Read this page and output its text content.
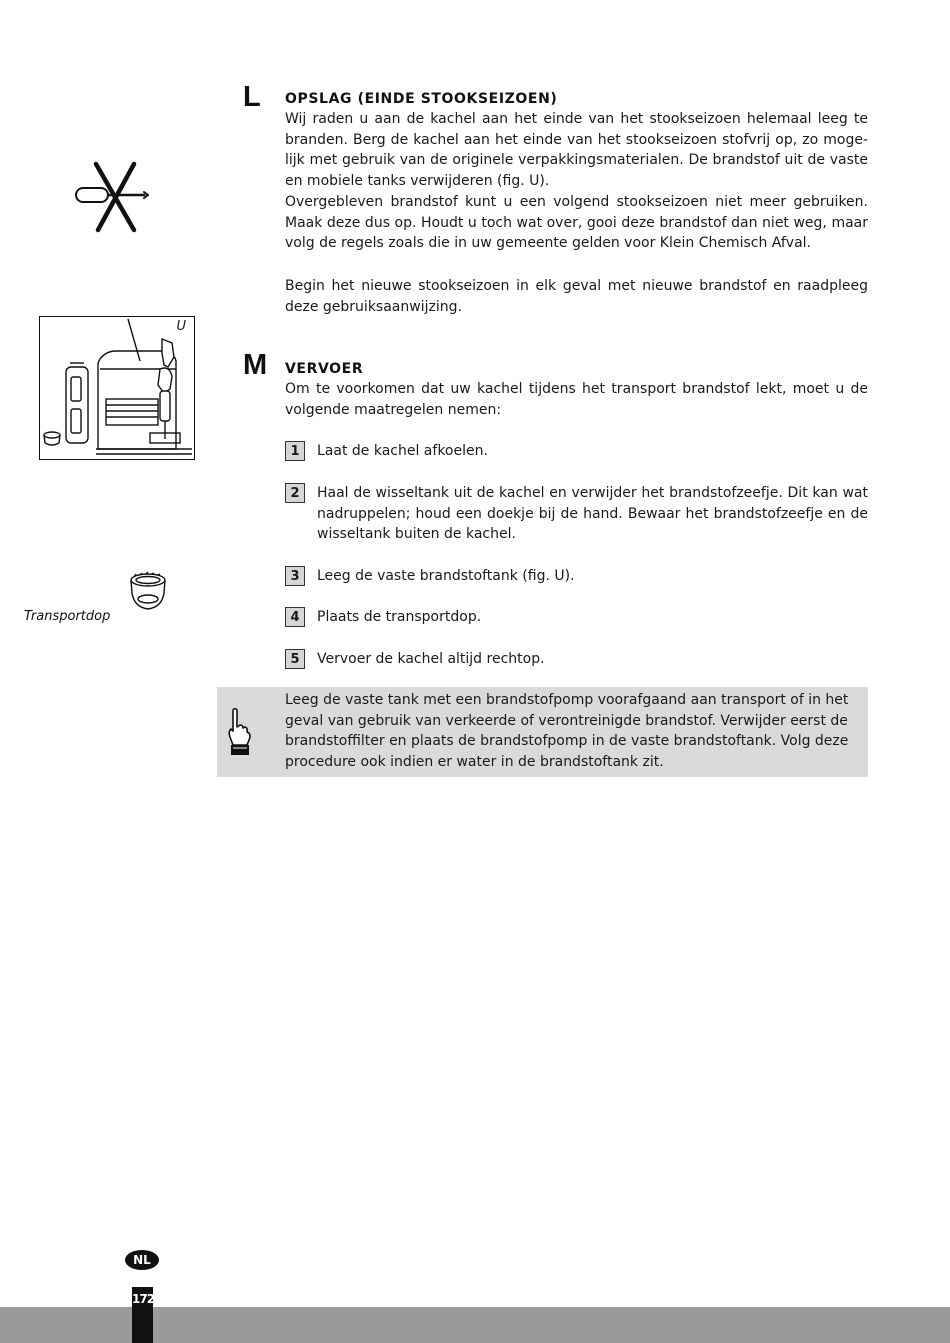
L OPSLAG (EINDE STOOKSEIZOEN)

Wij raden u aan de kachel aan het einde van het stookseizoen helemaal leeg te branden. Berg de kachel aan het einde van het stookseizoen stofvrij op, zo moge-lijk met gebruik van de originele verpakkingsmaterialen. De brandstof uit de vaste en mobiele tanks verwijderen (fig. U).

Overgebleven brandstof kunt u een volgend stookseizoen niet meer gebruiken. Maak deze dus op. Houdt u toch wat over, gooi deze brandstof dan niet weg, maar volg de regels zoals die in uw gemeente gelden voor Klein Chemisch Afval.

Begin het nieuwe stookseizoen in elk geval met nieuwe brandstof en raadpleeg deze gebruiksaanwijzing.

U
Transportdop
M VERVOER

Om te voorkomen dat uw kachel tijdens het transport brandstof lekt, moet u de volgende maatregelen nemen:

1	Laat de kachel afkoelen.

2	Haal de wisseltank uit de kachel en verwijder het brandstofzeefje. Dit kan wat nadruppelen; houd een doekje bij de hand. Bewaar het brandstofzeefje en de wisseltank buiten de kachel.

3	Leeg de vaste brandstoftank (fig. U).

4	Plaats de transportdop.

5	Vervoer de kachel altijd rechtop.

Leeg de vaste tank met een brandstofpomp voorafgaand aan transport of in het geval van gebruik van verkeerde of verontreinigde brandstof. Verwijder eerst de brandstoffilter en plaats de brandstofpomp in de vaste brandstoftank. Volg deze procedure ook indien er water in de brandstoftank zit.

NL
172
